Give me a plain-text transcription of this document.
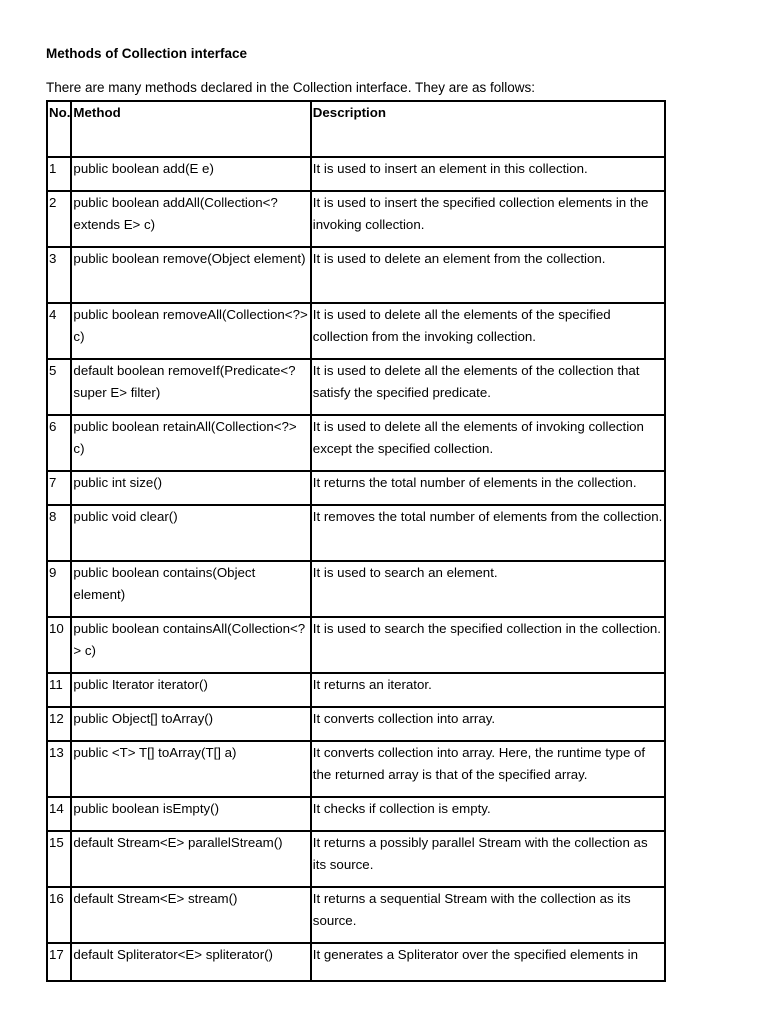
Methods of Collection interface
There are many methods declared in the Collection interface. They are as follows:
No.	Method	Description
1	public boolean add(E e)	It is used to insert an element in this collection.
2	public boolean addAll(Collection<? extends E> c)	It is used to insert the specified collection elements in the invoking collection.
3	public boolean remove(Object element)	It is used to delete an element from the collection.
4	public boolean removeAll(Collection<?> c)	It is used to delete all the elements of the specified collection from the invoking collection.
5	default boolean removeIf(Predicate<? super E> filter)	It is used to delete all the elements of the collection that satisfy the specified predicate.
6	public boolean retainAll(Collection<?> c)	It is used to delete all the elements of invoking collection except the specified collection.
7	public int size()	It returns the total number of elements in the collection.
8	public void clear()	It removes the total number of elements from the collection.
9	public boolean contains(Object element)	It is used to search an element.
10	public boolean containsAll(Collection<?> c)	It is used to search the specified collection in the collection.
11	public Iterator iterator()	It returns an iterator.
12	public Object[] toArray()	It converts collection into array.
13	public <T> T[] toArray(T[] a)	It converts collection into array. Here, the runtime type of the returned array is that of the specified array.
14	public boolean isEmpty()	It checks if collection is empty.
15	default Stream<E> parallelStream()	It returns a possibly parallel Stream with the collection as its source.
16	default Stream<E> stream()	It returns a sequential Stream with the collection as its source.
17	default Spliterator<E> spliterator()	It generates a Spliterator over the specified elements in
